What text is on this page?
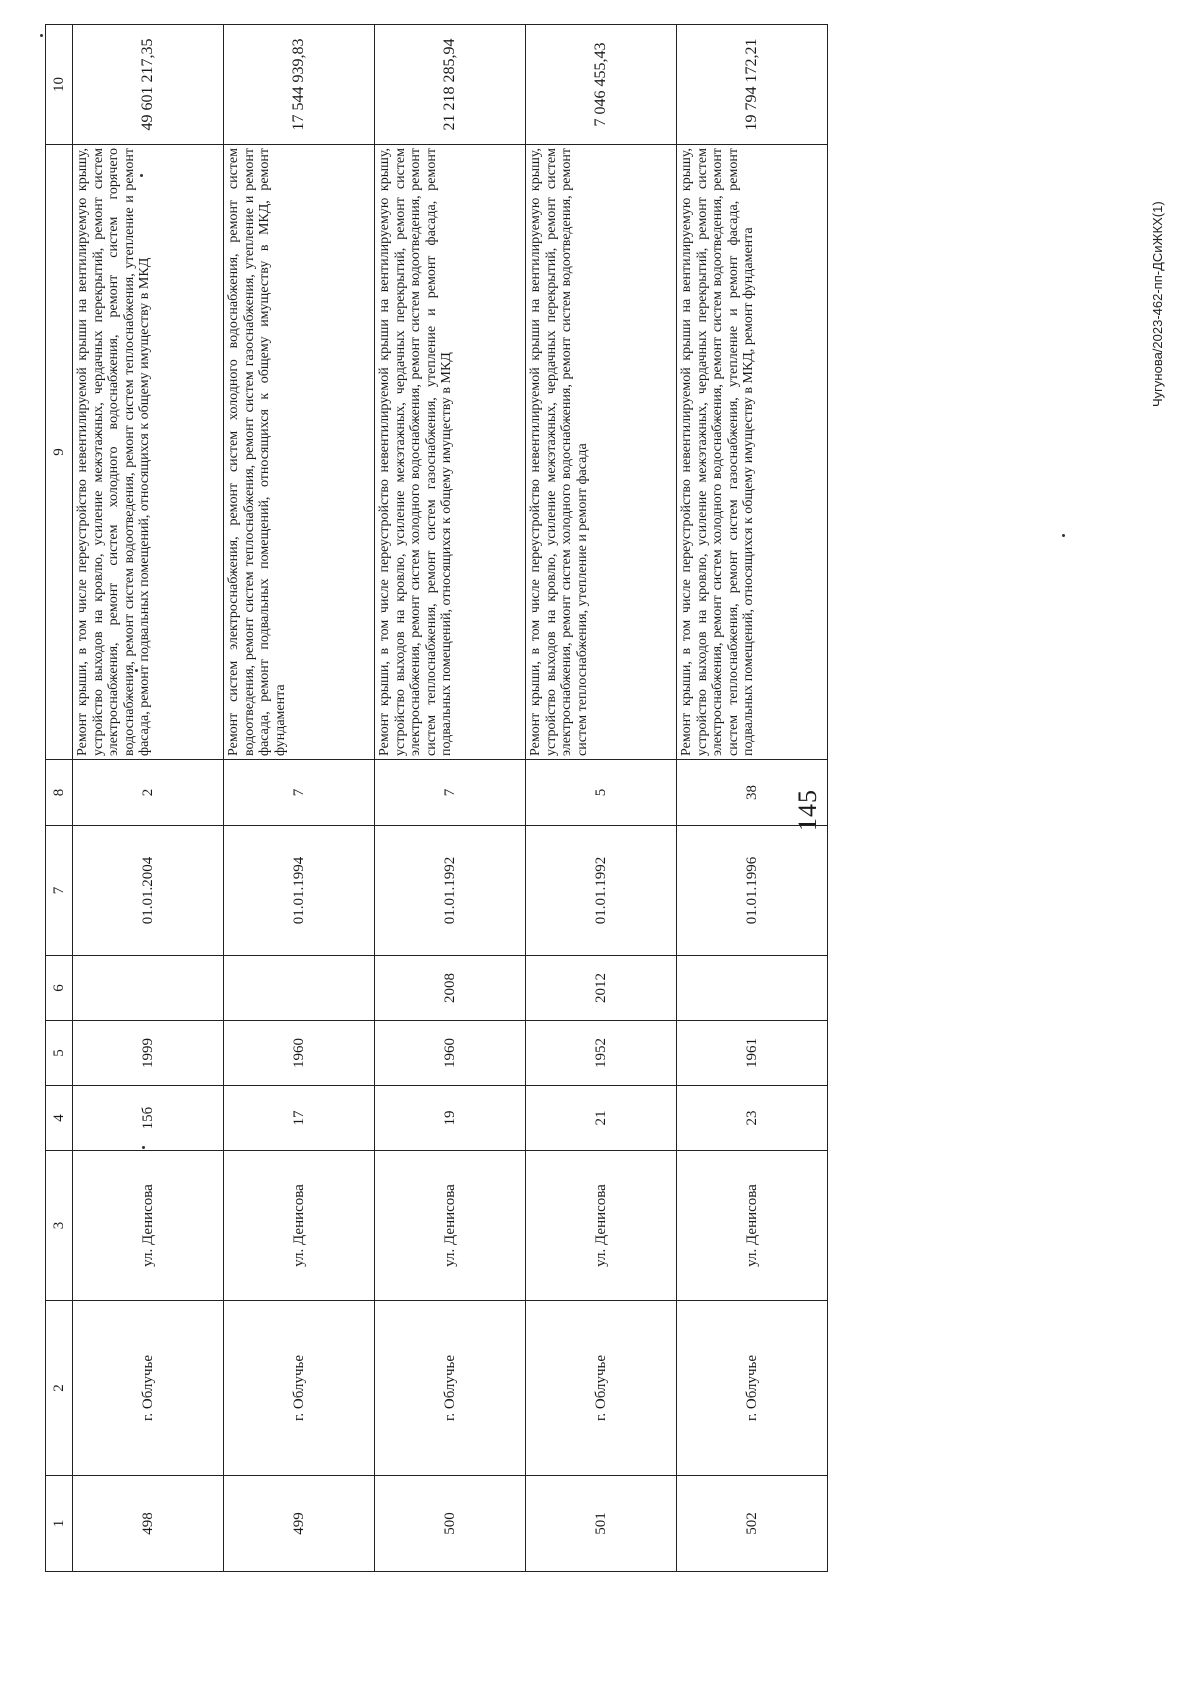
145
Чугунова/2023-462-пп-ДСиЖКХ(1)
1	2	3	4	5	6	7	8	9	10
498	г. Облучье	ул. Денисова	15б	1999		01.01.2004	2	Ремонт крыши, в том числе переустройство невентилируемой крыши на вентилируемую крышу, устройство выходов на кровлю, усиление межэтажных, чердачных перекрытий, ремонт систем электроснабжения, ремонт систем холодного водоснабжения, ремонт систем горячего водоснабжения, ремонт систем водоотведения, ремонт систем теплоснабжения, утепление и ремонт фасада, ремонт подвальных помещений, относящихся к общему имуществу в МКД	49 601 217,35
499	г. Облучье	ул. Денисова	17	1960		01.01.1994	7	Ремонт систем электроснабжения, ремонт систем холодного водоснабжения, ремонт систем водоотведения, ремонт систем теплоснабжения, ремонт систем газоснабжения, утепление и ремонт фасада, ремонт подвальных помещений, относящихся к общему имуществу в МКД, ремонт фундамента	17 544 939,83
500	г. Облучье	ул. Денисова	19	1960	2008	01.01.1992	7	Ремонт крыши, в том числе переустройство невентилируемой крыши на вентилируемую крышу, устройство выходов на кровлю, усиление межэтажных, чердачных перекрытий, ремонт систем электроснабжения, ремонт систем холодного водоснабжения, ремонт систем водоотведения, ремонт систем теплоснабжения, ремонт систем газоснабжения, утепление и ремонт фасада, ремонт подвальных помещений, относящихся к общему имуществу в МКД	21 218 285,94
501	г. Облучье	ул. Денисова	21	1952	2012	01.01.1992	5	Ремонт крыши, в том числе переустройство невентилируемой крыши на вентилируемую крышу, устройство выходов на кровлю, усиление межэтажных, чердачных перекрытий, ремонт систем электроснабжения, ремонт систем холодного водоснабжения, ремонт систем водоотведения, ремонт систем теплоснабжения, утепление и ремонт фасада	7 046 455,43
502	г. Облучье	ул. Денисова	23	1961		01.01.1996	38	Ремонт крыши, в том числе переустройство невентилируемой крыши на вентилируемую крышу, устройство выходов на кровлю, усиление межэтажных, чердачных перекрытий, ремонт систем электроснабжения, ремонт систем холодного водоснабжения, ремонт систем водоотведения, ремонт систем теплоснабжения, ремонт систем газоснабжения, утепление и ремонт фасада, ремонт подвальных помещений, относящихся к общему имуществу в МКД, ремонт фундамента	19 794 172,21
